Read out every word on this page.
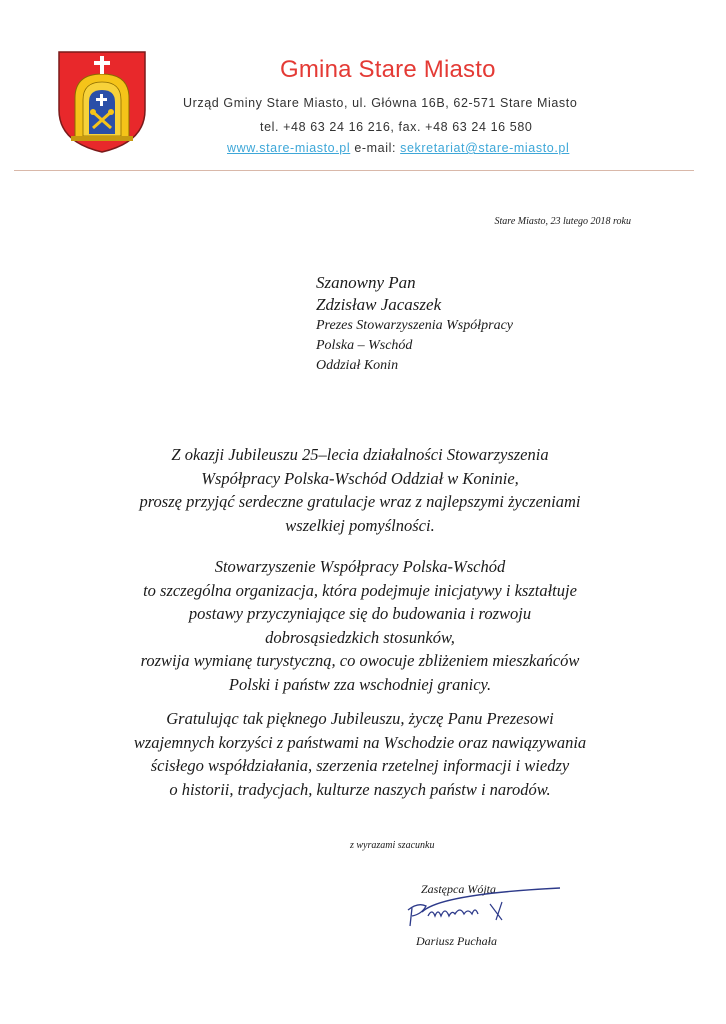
Gmina Stare Miasto
Urząd Gminy Stare Miasto, ul. Główna 16B, 62-571 Stare Miasto
tel. +48 63 24 16 216, fax. +48 63 24 16 580
www.stare-miasto.pl e-mail: sekretariat@stare-miasto.pl
Stare Miasto, 23 lutego 2018 roku
Szanowny Pan
Zdzisław Jacaszek
Prezes Stowarzyszenia Współpracy
Polska – Wschód
Oddział Konin
Z okazji Jubileuszu 25–lecia działalności Stowarzyszenia
Współpracy Polska-Wschód Oddział w Koninie,
proszę przyjąć serdeczne gratulacje wraz z najlepszymi życzeniami
wszelkiej pomyślności.
Stowarzyszenie Współpracy Polska-Wschód
to szczególna organizacja, która podejmuje inicjatywy i kształtuje
postawy przyczyniające się do budowania i rozwoju
dobrosąsiedzkich stosunków,
rozwija wymianę turystyczną, co owocuje zbliżeniem mieszkańców
Polski i państw zza wschodniej granicy.
Gratulując tak pięknego Jubileuszu, życzę Panu Prezesowi
wzajemnych korzyści z państwami na Wschodzie oraz nawiązywania
ścisłego współdziałania, szerzenia rzetelnej informacji i wiedzy
o historii, tradycjach, kulturze naszych państw i narodów.
z wyrazami szacunku
Zastępca Wójta
Dariusz Puchała
